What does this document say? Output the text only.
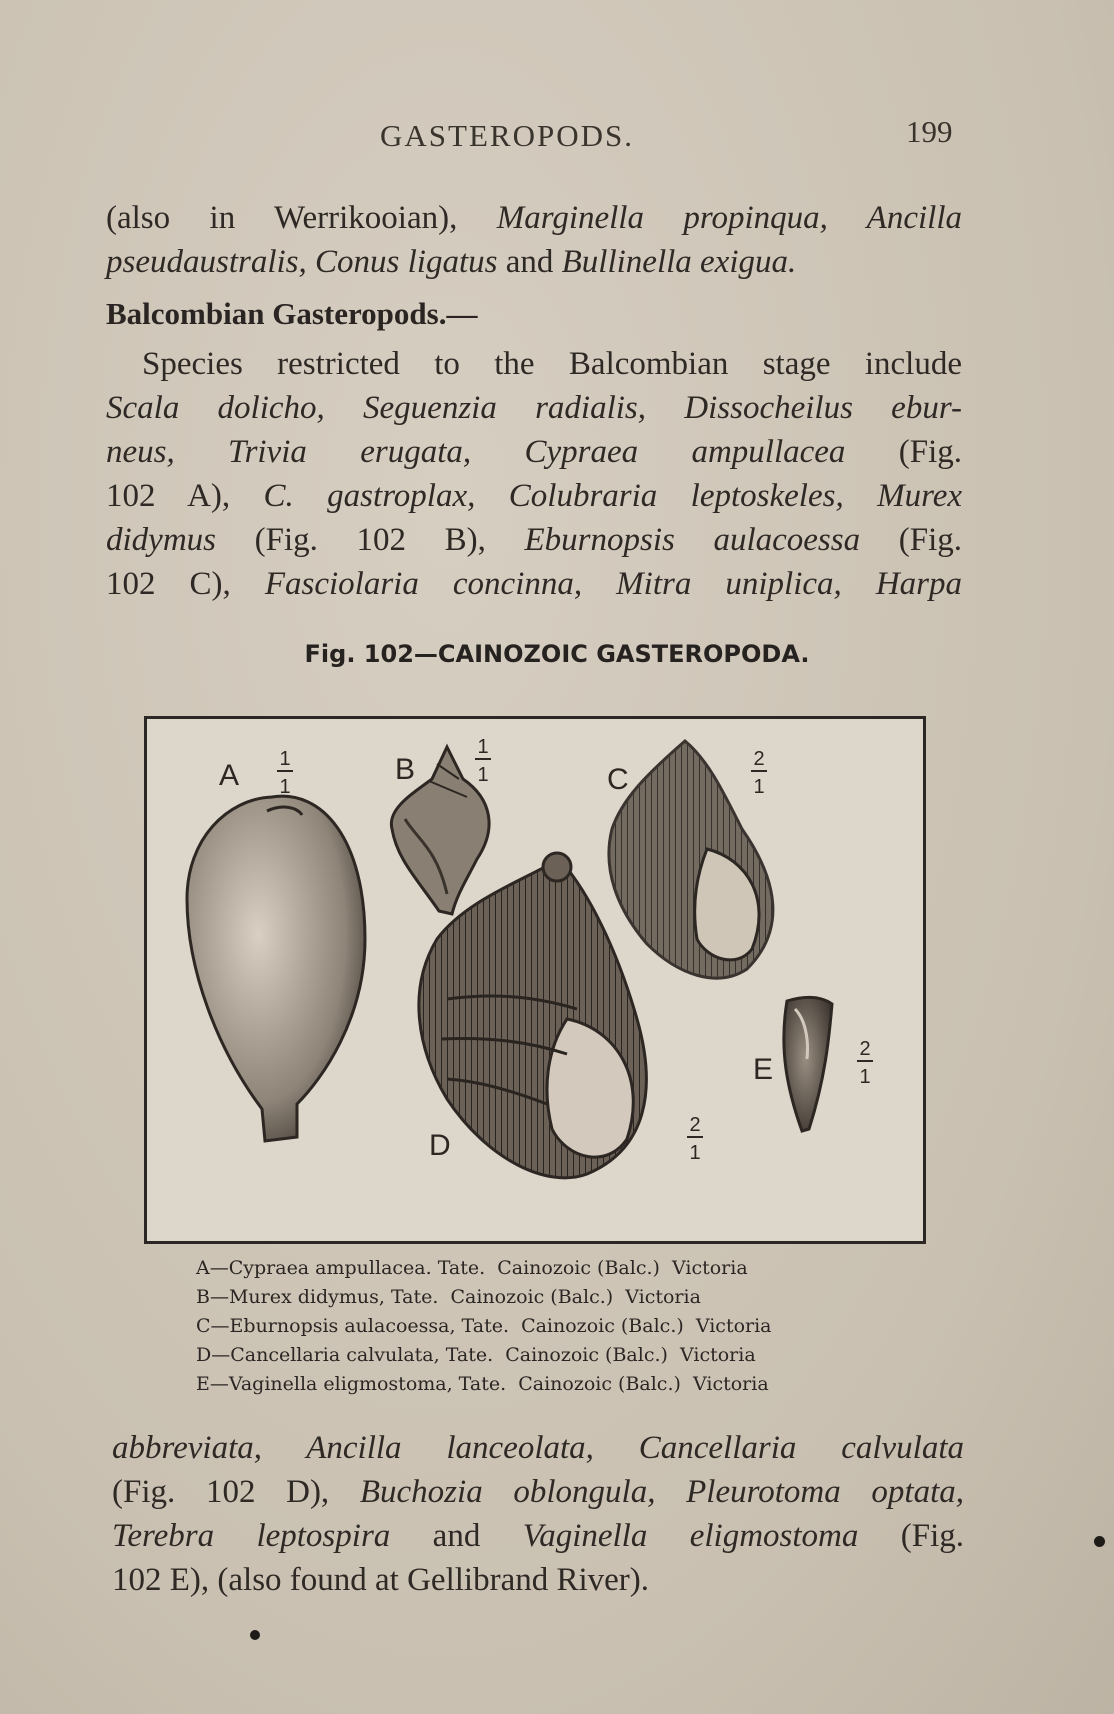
GASTEROPODS.	199
(also in Werrikooian), Marginella propinqua, Ancilla
pseudaustralis, Conus ligatus and Bullinella exigua.
Balcombian Gasteropods.—
Species restricted to the Balcombian stage include
Scala dolicho, Seguenzia radialis, Dissocheilus ebur-
neus, Trivia erugata, Cypraea ampullacea (Fig.
102 A), C. gastroplax, Colubraria leptoskeles, Murex
didymus (Fig. 102 B), Eburnopsis aulacoessa (Fig.
102 C), Fasciolaria concinna, Mitra uniplica, Harpa
Fig. 102—CAINOZOIC GASTEROPODA.
A 1
1
B
1
1	C
2
1
D
2
1
E
2
1
A—Cypraea ampullacea. Tate.  Cainozoic (Balc.)  Victoria
B—Murex didymus, Tate.  Cainozoic (Balc.)  Victoria
C—Eburnopsis aulacoessa, Tate.  Cainozoic (Balc.)  Victoria
D—Cancellaria calvulata, Tate.  Cainozoic (Balc.)  Victoria
E—Vaginella eligmostoma, Tate.  Cainozoic (Balc.)  Victoria
abbreviata, Ancilla lanceolata, Cancellaria calvulata
(Fig. 102 D), Buchozia oblongula, Pleurotoma optata,
Terebra leptospira and Vaginella eligmostoma (Fig.
102 E), (also found at Gellibrand River).
